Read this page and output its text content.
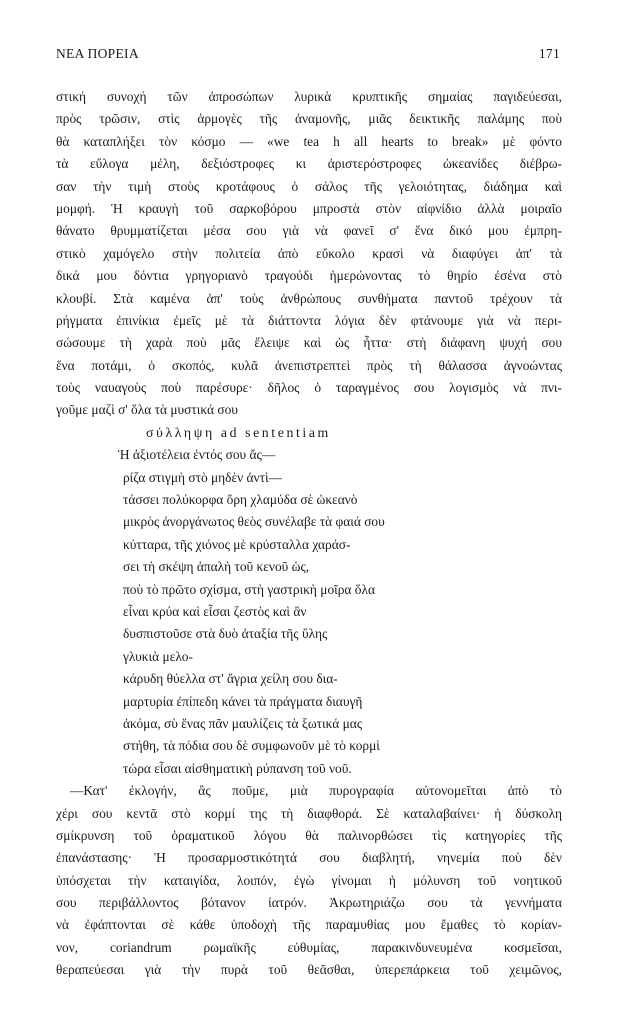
ΝΕΑ ΠΟΡΕΙΑ	171
στική συνοχή τῶν ἀπροσώπων λυρικὰ κρυπτικῆς σημαίας παγιδεύεσαι,
πρὸς τρῶσιν, στὶς ἁρμογὲς τῆς ἀναμονῆς, μιᾶς δεικτικῆς παλάμης ποὺ
θὰ καταπλήξει τὸν κόσμο — «we tea h all hearts to break» μὲ φόντο
τὰ εὔλογα μέλη, δεξιόστροφες κι ἀριστερόστροφες ὠκεανίδες διέβρω-
σαν τὴν τιμὴ στοὺς κροτάφους ὁ σάλος τῆς γελοιότητας, διάδημα καὶ
μομφή. Ἡ κραυγὴ τοῦ σαρκοβόρου μπροστὰ στὸν αἰφνίδιο ἀλλὰ μοιραῖο
θάνατο θρυμματίζεται μέσα σου γιὰ νὰ φανεῖ σ' ἕνα δικό μου ἐμπρη-
στικὸ χαμόγελο στὴν πολιτεία ἀπὸ εὔκολο κρασὶ νὰ διαφύγει ἀπ' τὰ
δικά μου δόντια γρηγοριανὸ τραγούδι ἡμερώνοντας τὸ θηρίο ἐσένα στὸ
κλουβί. Στὰ καμένα ἀπ' τοὺς ἀνθρώπους συνθήματα παντοῦ τρέχουν τὰ
ρήγματα ἐπινίκια ἐμεῖς μὲ τὰ διάττοντα λόγια δὲν φτάνουμε γιὰ νὰ περι-
σώσουμε τὴ χαρὰ ποὺ μᾶς ἔλειψε καὶ ὡς ἧττα· στὴ διάφανη ψυχή σου
ἕνα ποτάμι, ὁ σκοπός, κυλᾶ ἀνεπιστρεπτεὶ πρὸς τὴ θάλασσα ἀγνοώντας
τοὺς ναυαγοὺς ποὺ παρέσυρε· δῆλος ὁ ταραγμένος σου λογισμὸς νὰ πνι-
γοῦμε μαζὶ σ' ὅλα τὰ μυστικά σου
σύλληψη ad sententiam
Ἡ ἀξιοτέλεια ἐντός σου ἄς—
ρίζα στιγμὴ στὸ μηδὲν ἀντὶ—
τάσσει πολύκορφα ὄρη χλαμύδα σὲ ὠκεανὸ
μικρὸς ἀνοργάνωτος θεὸς συνέλαβε τὰ φαιά σου
κύτταρα, τῆς χιόνος μὲ κρύσταλλα χαράσ-
σει τὴ σκέψη ἁπαλὴ τοῦ κενοῦ ὡς,
ποὺ τὸ πρῶτο σχίσμα, στὴ γαστρικὴ μοῖρα ὅλα
εἶναι κρύα καὶ εἶσαι ζεστὸς καὶ ἂν
δυσπιστοῦσε στὰ δυὸ ἀταξία τῆς ὕλης
γλυκιὰ μελο-
κάρυδη θύελλα στ' ἄγρια χείλη σου δια-
μαρτυρία ἐπίπεδη κάνει τὰ πράγματα διαυγῆ
ἀκόμα, σὺ ἕνας πᾶν μαυλίζεις τὰ ξωτικά μας
στήθη, τὰ πόδια σου δὲ συμφωνοῦν μὲ τὸ κορμὶ
τώρα εἶσαι αἰσθηματικὴ ρύπανση τοῦ νοῦ.
—Κατ' ἐκλογήν, ἂς ποῦμε, μιὰ πυρογραφία αὐτονομεῖται ἀπὸ τὸ
χέρι σου κεντᾶ στὸ κορμί της τὴ διαφθορά. Σὲ καταλαβαίνει· ἡ δύσκολη
σμίκρυνση τοῦ ὁραματικοῦ λόγου θὰ παλινορθώσει τὶς κατηγορίες τῆς
ἐπανάστασης· Ἡ προσαρμοστικότητά σου διαβλητή, νηνεμία ποὺ δὲν
ὑπόσχεται τὴν καταιγίδα, λοιπόν, ἐγὼ γίνομαι ἡ μόλυνση τοῦ νοητικοῦ
σου περιβάλλοντος βότανον ἰατρόν. Ἀκρωτηριάζω σου τὰ γεννήματα
νὰ ἐφάπτονται σὲ κάθε ὑποδοχὴ τῆς παραμυθίας μου ἔμαθες τὸ κορίαν-
νον, coriandrum ρωμαϊκῆς εὐθυμίας, παρακινδυνευμένα κοσμεῖσαι,
θεραπεύεσαι γιὰ τὴν πυρὰ τοῦ θεᾶσθαι, ὑπερεπάρκεια τοῦ χειμῶνος,
